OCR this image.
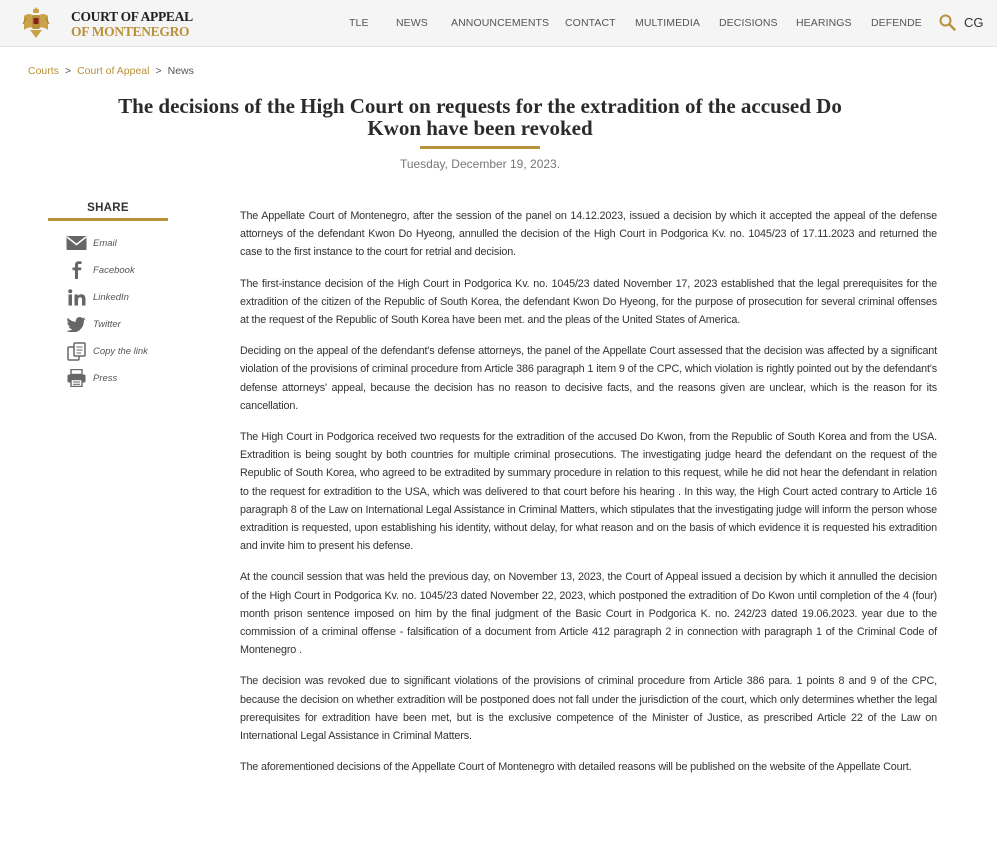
COURT OF APPEAL
OF MONTENEGRO
TLE	NEWS ANNOUNCEMENTS CONTACT MULTIMEDIA DECISIONS HEARINGS DEFENDE	CG
Courts > Court of Appeal > News
The decisions of the High Court on requests for the extradition of the accused Do Kwon have been revoked
Tuesday, December 19, 2023.
SHARE
Email
Facebook
LinkedIn
Twitter
Copy the link
Press

The Appellate Court of Montenegro, after the session of the panel on 14.12.2023, issued a decision by which it accepted the appeal of the defense attorneys of the defendant Kwon Do Hyeong, annulled the decision of the High Court in Podgorica Kv. no. 1045/23 of 17.11.2023 and returned the case to the first instance to the court for retrial and decision.

The first-instance decision of the High Court in Podgorica Kv. no. 1045/23 dated November 17, 2023 established that the legal prerequisites for the extradition of the citizen of the Republic of South Korea, the defendant Kwon Do Hyeong, for the purpose of prosecution for several criminal offenses at the request of the Republic of South Korea have been met. and the pleas of the United States of America.

Deciding on the appeal of the defendant's defense attorneys, the panel of the Appellate Court assessed that the decision was affected by a significant violation of the provisions of criminal procedure from Article 386 paragraph 1 item 9 of the CPC, which violation is rightly pointed out by the defendant's defense attorneys' appeal, because the decision has no reason to decisive facts, and the reasons given are unclear, which is the reason for its cancellation.

The High Court in Podgorica received two requests for the extradition of the accused Do Kwon, from the Republic of South Korea and from the USA. Extradition is being sought by both countries for multiple criminal prosecutions. The investigating judge heard the defendant on the request of the Republic of South Korea, who agreed to be extradited by summary procedure in relation to this request, while he did not hear the defendant in relation to the request for extradition to the USA, which was delivered to that court before his hearing . In this way, the High Court acted contrary to Article 16 paragraph 8 of the Law on International Legal Assistance in Criminal Matters, which stipulates that the investigating judge will inform the person whose extradition is requested, upon establishing his identity, without delay, for what reason and on the basis of which evidence it is requested his extradition and invite him to present his defense.

At the council session that was held the previous day, on November 13, 2023, the Court of Appeal issued a decision by which it annulled the decision of the High Court in Podgorica Kv. no. 1045/23 dated November 22, 2023, which postponed the extradition of Do Kwon until completion of the 4 (four) month prison sentence imposed on him by the final judgment of the Basic Court in Podgorica K. no. 242/23 dated 19.06.2023. year due to the commission of a criminal offense - falsification of a document from Article 412 paragraph 2 in connection with paragraph 1 of the Criminal Code of Montenegro .

The decision was revoked due to significant violations of the provisions of criminal procedure from Article 386 para. 1 points 8 and 9 of the CPC, because the decision on whether extradition will be postponed does not fall under the jurisdiction of the court, which only determines whether the legal prerequisites for extradition have been met, but is the exclusive competence of the Minister of Justice, as prescribed Article 22 of the Law on International Legal Assistance in Criminal Matters.

The aforementioned decisions of the Appellate Court of Montenegro with detailed reasons will be published on the website of the Appellate Court.
